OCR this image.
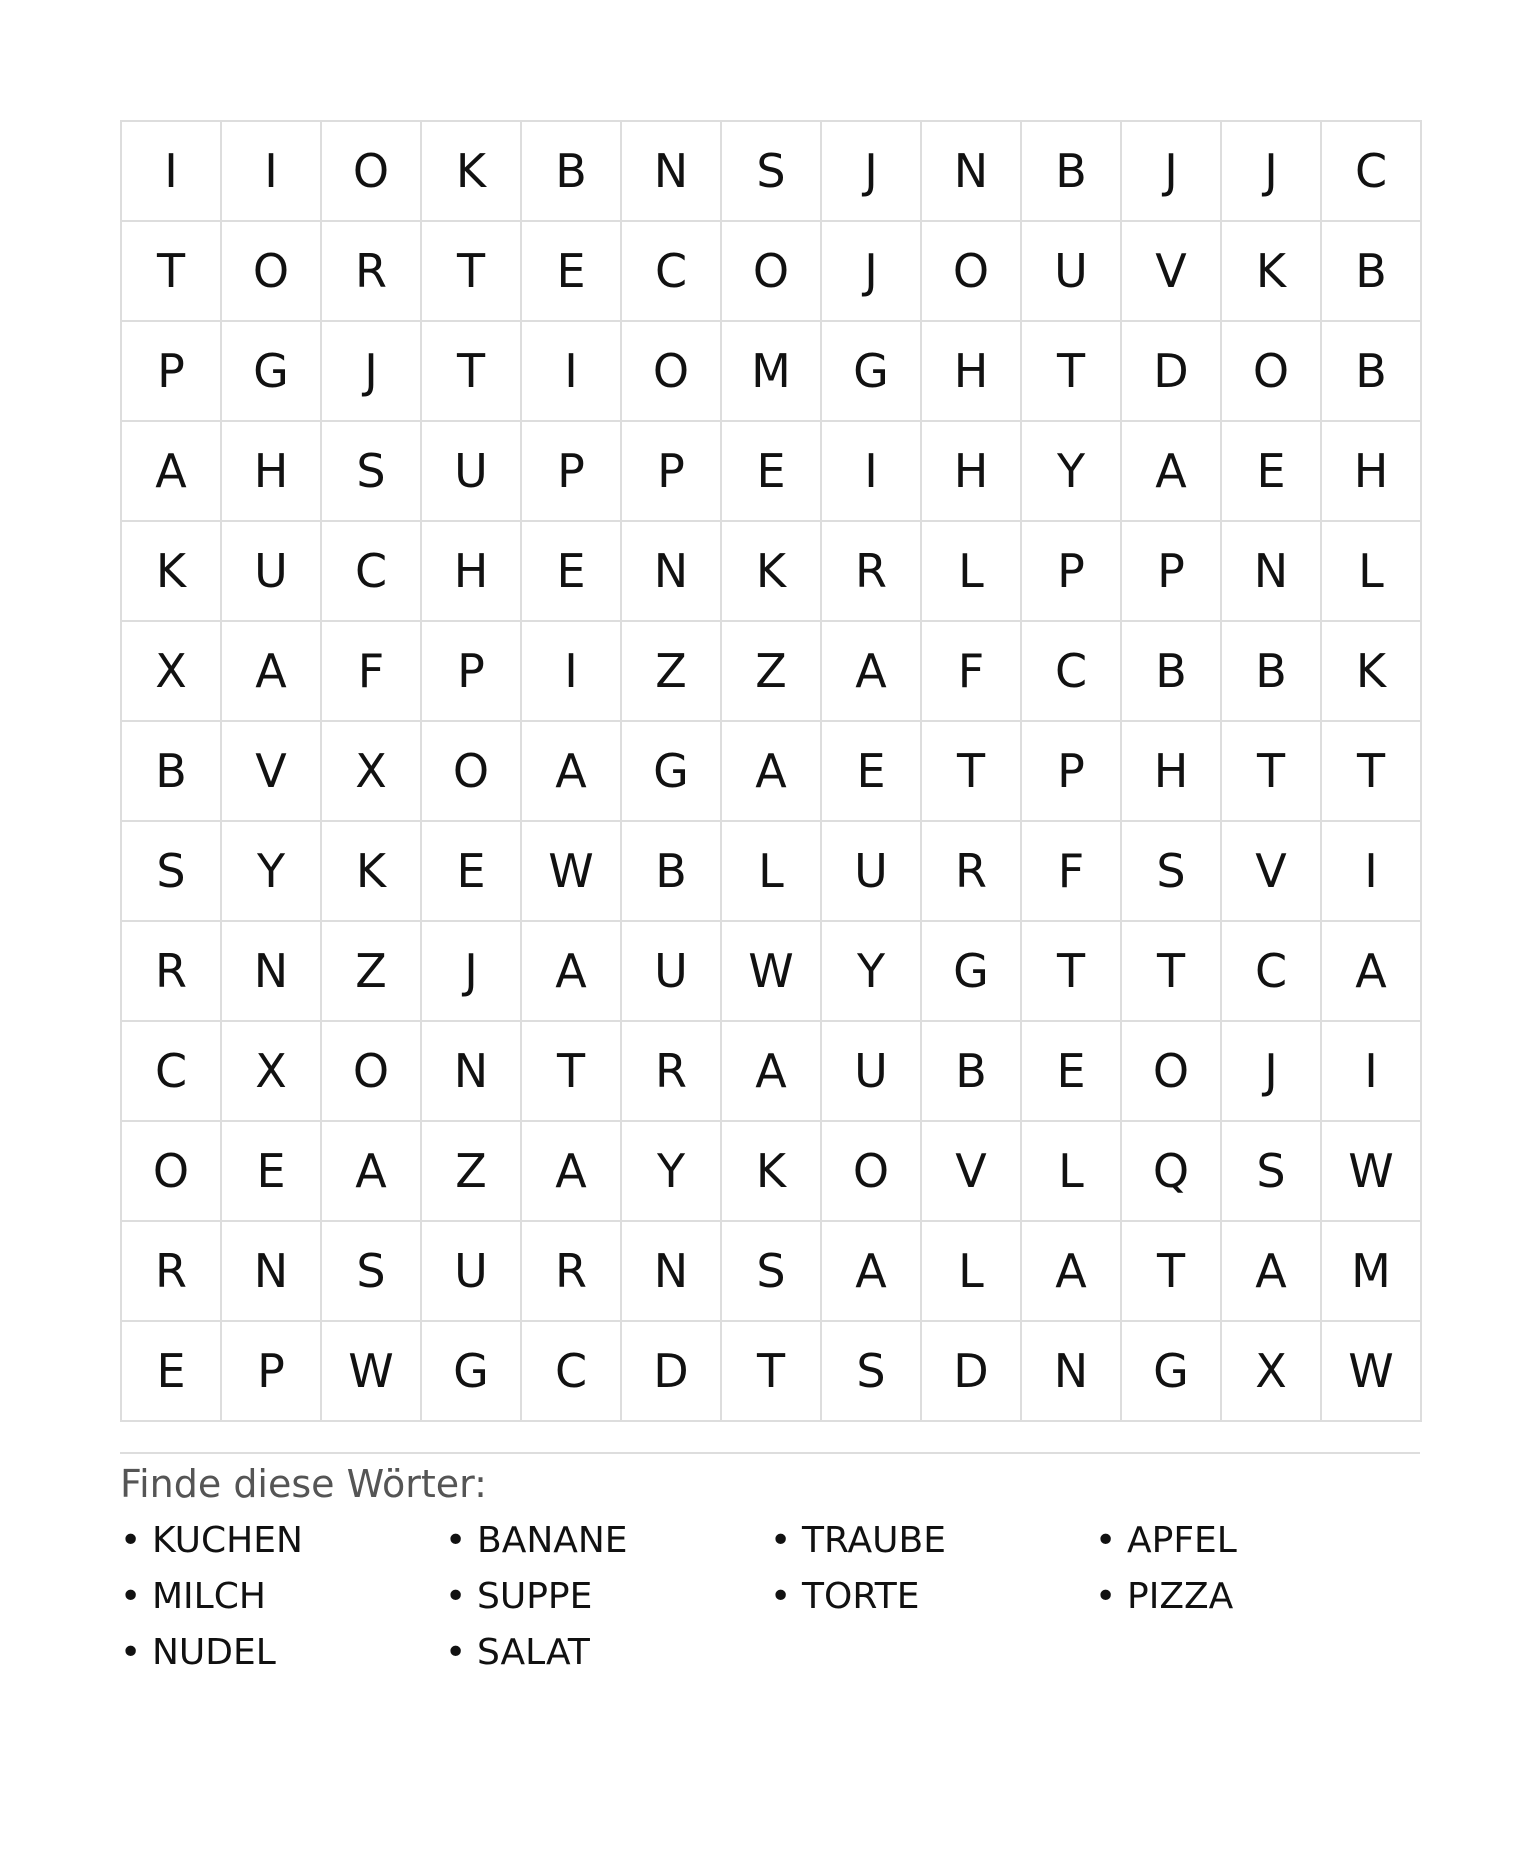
I	I	O	K	B	N	S	J	N	B	J	J	C
T	O	R	T	E	C	O	J	O	U	V	K	B
P	G	J	T	I	O	M	G	H	T	D	O	B
A	H	S	U	P	P	E	I	H	Y	A	E	H
K	U	C	H	E	N	K	R	L	P	P	N	L
X	A	F	P	I	Z	Z	A	F	C	B	B	K
B	V	X	O	A	G	A	E	T	P	H	T	T
S	Y	K	E	W	B	L	U	R	F	S	V	I
R	N	Z	J	A	U	W	Y	G	T	T	C	A
C	X	O	N	T	R	A	U	B	E	O	J	I
O	E	A	Z	A	Y	K	O	V	L	Q	S	W
R	N	S	U	R	N	S	A	L	A	T	A	M
E	P	W	G	C	D	T	S	D	N	G	X	W
Finde diese Wörter:
• KUCHEN	• BANANE	• TRAUBE	• APFEL
• MILCH	• SUPPE	• TORTE	• PIZZA
• NUDEL	• SALAT
